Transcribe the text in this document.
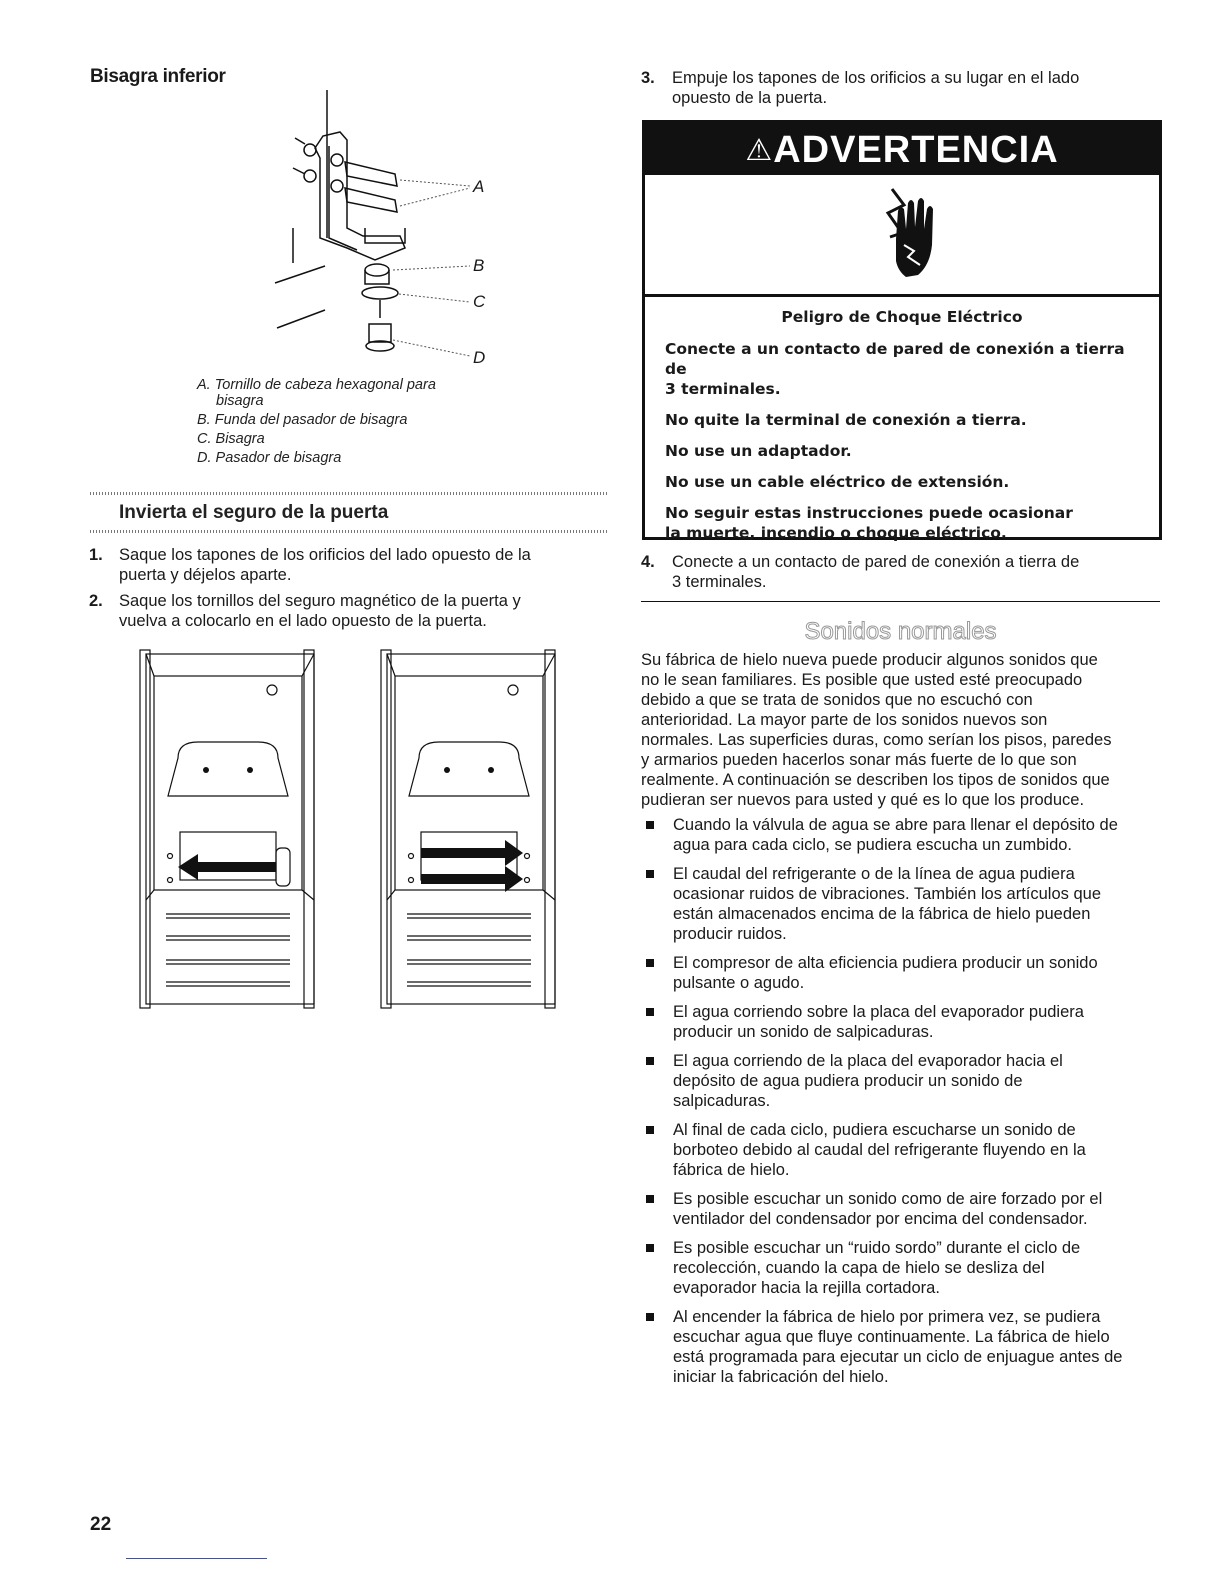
Bisagra inferior
A
B
C
D
A. Tornillo de cabeza hexagonal para
bisagra
B. Funda del pasador de bisagra
C. Bisagra
D. Pasador de bisagra
Invierta el seguro de la puerta
1. Saque los tapones de los orificios del lado opuesto de la
puerta y déjelos aparte.
2. Saque los tornillos del seguro magnético de la puerta y
vuelva a colocarlo en el lado opuesto de la puerta.
22
3. Empuje los tapones de los orificios a su lugar en el lado
opuesto de la puerta.
⚠ADVERTENCIA
Peligro de Choque Eléctrico
Conecte a un contacto de pared de conexión a tierra de
3 terminales.
No quite la terminal de conexión a tierra.
No use un adaptador.
No use un cable eléctrico de extensión.
No seguir estas instrucciones puede ocasionar
la muerte, incendio o choque eléctrico.
4. Conecte a un contacto de pared de conexión a tierra de
3 terminales.
Sonidos normales
Su fábrica de hielo nueva puede producir algunos sonidos que
no le sean familiares. Es posible que usted esté preocupado
debido a que se trata de sonidos que no escuchó con
anterioridad. La mayor parte de los sonidos nuevos son
normales. Las superficies duras, como serían los pisos, paredes
y armarios pueden hacerlos sonar más fuerte de lo que son
realmente. A continuación se describen los tipos de sonidos que
pudieran ser nuevos para usted y qué es lo que los produce.
Cuando la válvula de agua se abre para llenar el depósito de
agua para cada ciclo, se pudiera escucha un zumbido.
El caudal del refrigerante o de la línea de agua pudiera
ocasionar ruidos de vibraciones. También los artículos que
están almacenados encima de la fábrica de hielo pueden
producir ruidos.
El compresor de alta eficiencia pudiera producir un sonido
pulsante o agudo.
El agua corriendo sobre la placa del evaporador pudiera
producir un sonido de salpicaduras.
El agua corriendo de la placa del evaporador hacia el
depósito de agua pudiera producir un sonido de
salpicaduras.
Al final de cada ciclo, pudiera escucharse un sonido de
borboteo debido al caudal del refrigerante fluyendo en la
fábrica de hielo.
Es posible escuchar un sonido como de aire forzado por el
ventilador del condensador por encima del condensador.
Es posible escuchar un “ruido sordo” durante el ciclo de
recolección, cuando la capa de hielo se desliza del
evaporador hacia la rejilla cortadora.
Al encender la fábrica de hielo por primera vez, se pudiera
escuchar agua que fluye continuamente. La fábrica de hielo
está programada para ejecutar un ciclo de enjuague antes de
iniciar la fabricación del hielo.
